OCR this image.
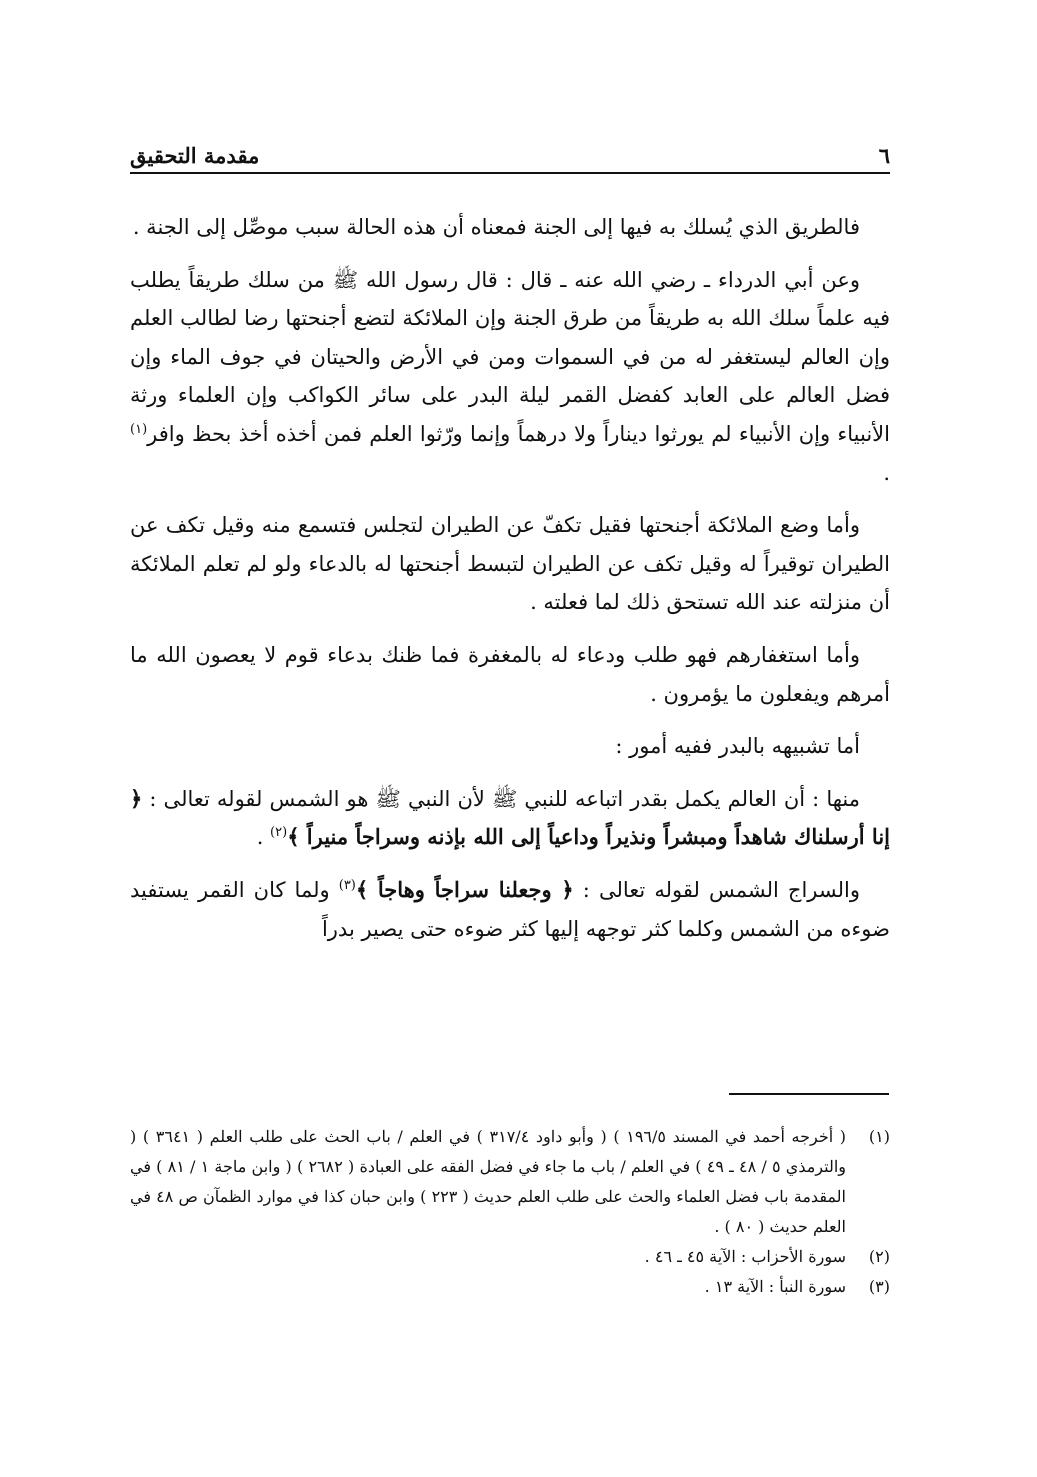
٦
مقدمة التحقيق

فالطريق الذي يُسلك به فيها إلى الجنة فمعناه أن هذه الحالة سبب موصِّل إلى الجنة .

وعن أبي الدرداء ـ رضي الله عنه ـ قال : قال رسول الله ﷺ من سلك طريقاً يطلب فيه علماً سلك الله به طريقاً من طرق الجنة وإن الملائكة لتضع أجنحتها رضا لطالب العلم وإن العالم ليستغفر له من في السموات ومن في الأرض والحيتان في جوف الماء وإن فضل العالم على العابد كفضل القمر ليلة البدر على سائر الكواكب وإن العلماء ورثة الأنبياء وإن الأنبياء لم يورثوا ديناراً ولا درهماً وإنما ورّثوا العلم فمن أخذه أخذ بحظ وافر$^{(١)}$ .

وأما وضع الملائكة أجنحتها فقيل تكفّ عن الطيران لتجلس فتسمع منه وقيل تكف عن الطيران توقيراً له وقيل تكف عن الطيران لتبسط أجنحتها له بالدعاء ولو لم تعلم الملائكة أن منزلته عند الله تستحق ذلك لما فعلته .

وأما استغفارهم فهو طلب ودعاء له بالمغفرة فما ظنك بدعاء قوم لا يعصون الله ما أمرهم ويفعلون ما يؤمرون .

أما تشبيهه بالبدر ففيه أمور :

منها : أن العالم يكمل بقدر اتباعه للنبي ﷺ لأن النبي ﷺ هو الشمس لقوله تعالى : ﴿ إنا أرسلناك شاهداً ومبشراً ونذيراً وداعياً إلى الله بإذنه وسراجاً منيراً ﴾$^{(٢)}$ .

والسراج الشمس لقوله تعالى : ﴿ وجعلنا سراجاً وهاجاً ﴾$^{(٣)}$ ولما كان القمر يستفيد ضوءه من الشمس وكلما كثر توجهه إليها كثر ضوءه حتى يصير بدراً

(١)
( أخرجه أحمد في المسند ١٩٦/٥ ) ( وأبو داود ٣١٧/٤ ) في العلم / باب الحث على طلب العلم ( ٣٦٤١ ) ( والترمذي ٥ / ٤٨ ـ ٤٩ ) في العلم / باب ما جاء في فضل الفقه على العبادة ( ٢٦٨٢ ) ( وابن ماجة ١ / ٨١ ) في المقدمة باب فضل العلماء والحث على طلب العلم حديث ( ٢٢٣ ) وابن حبان كذا في موارد الظمآن ص ٤٨ في العلم حديث ( ٨٠ ) .
(٢)
سورة الأحزاب : الآية ٤٥ ـ ٤٦ .
(٣)
سورة النبأ : الآية ١٣ .
